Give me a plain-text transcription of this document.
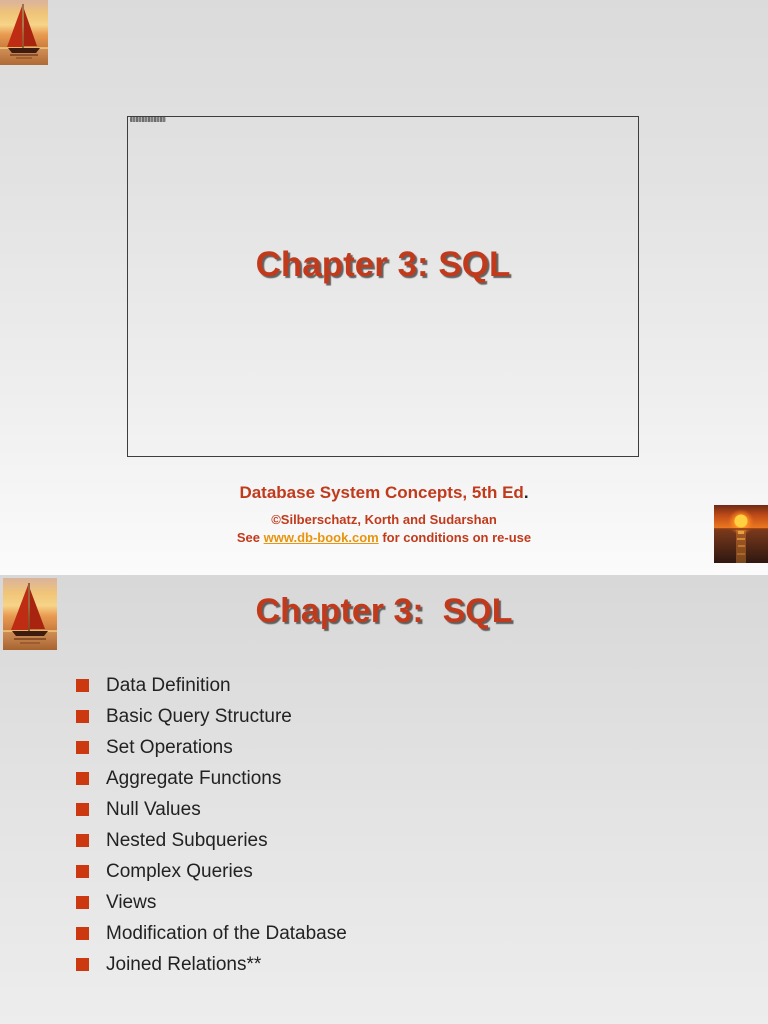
Chapter 3: SQL
Database System Concepts, 5th Ed.
©Silberschatz, Korth and Sudarshan
See www.db-book.com for conditions on re-use
Chapter 3:  SQL
Data Definition
Basic Query Structure
Set Operations
Aggregate Functions
Null Values
Nested Subqueries
Complex Queries
Views
Modification of the Database
Joined Relations**
